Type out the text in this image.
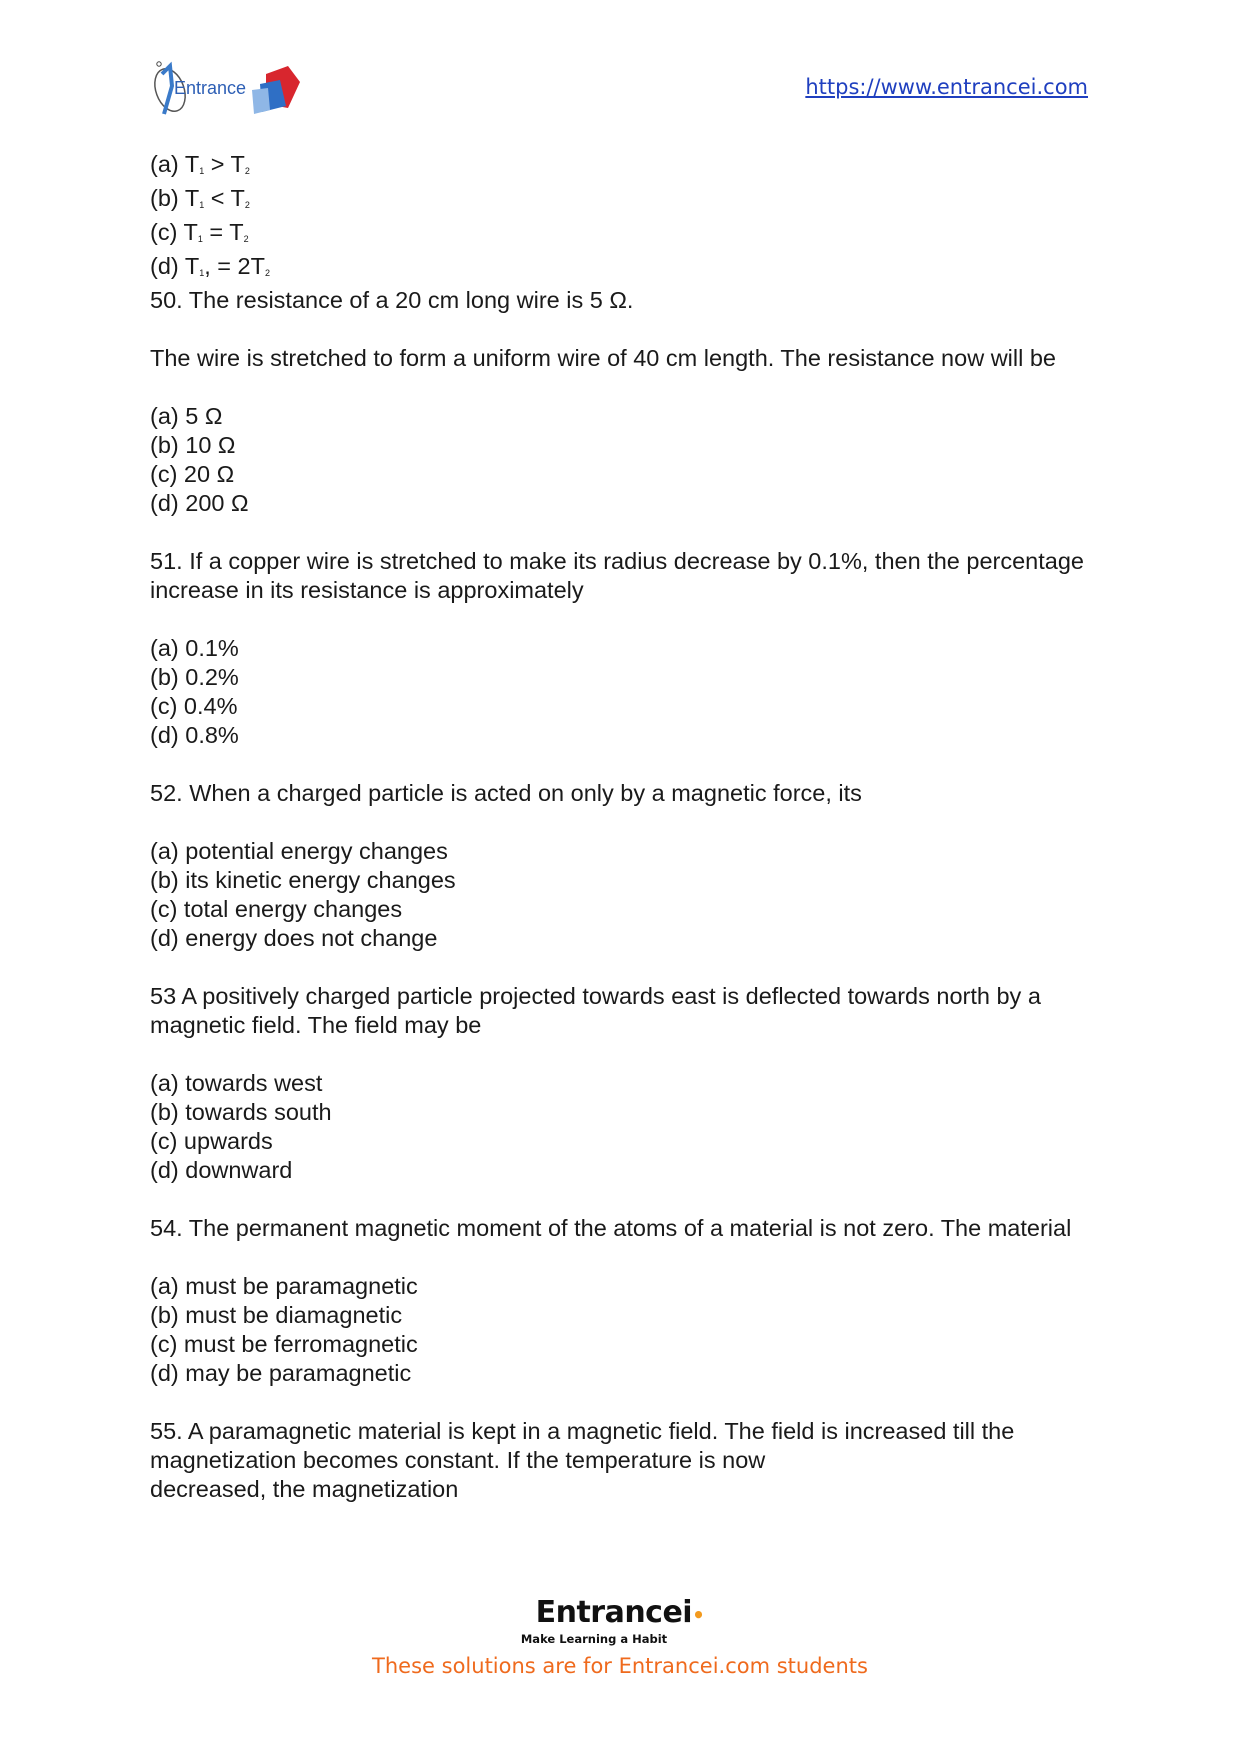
Entrance	https://www.entrancei.com
(a) $T_1 > T_2$
(b) $T_1 < T_2$
(c) $T_1 = T_2$
(d) $T_1$, = $2T_2$
50. The resistance of a 20 cm long wire is 5 Ω.
The wire is stretched to form a uniform wire of 40 cm length. The resistance now will be
(a) 5 Ω
(b) 10 Ω
(c) 20 Ω
(d) 200 Ω
51. If a copper wire is stretched to make its radius decrease by 0.1%, then the percentage increase in its resistance is approximately
(a) 0.1%
(b) 0.2%
(c) 0.4%
(d) 0.8%
52. When a charged particle is acted on only by a magnetic force, its
(a) potential energy changes
(b) its kinetic energy changes
(c) total energy changes
(d) energy does not change
53 A positively charged particle projected towards east is deflected towards north by a magnetic field. The field may be
(a) towards west
(b) towards south
(c) upwards
(d) downward
54. The permanent magnetic moment of the atoms of a material is not zero. The material
(a) must be paramagnetic
(b) must be diamagnetic
(c) must be ferromagnetic
(d) may be paramagnetic
55. A paramagnetic material is kept in a magnetic field. The field is increased till the
magnetization becomes constant. If the temperature is now
decreased, the magnetization
Entrancei•
Make Learning a Habit
These solutions are for Entrancei.com students
